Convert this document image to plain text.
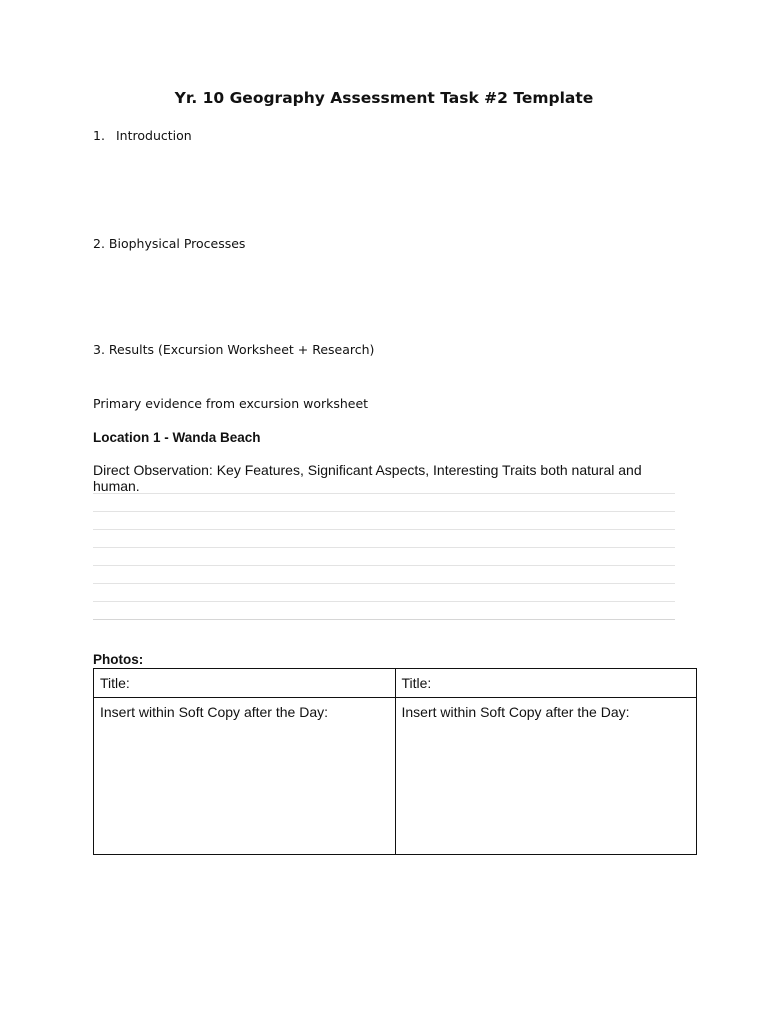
Yr. 10 Geography Assessment Task #2 Template
1. Introduction
2. Biophysical Processes
3. Results (Excursion Worksheet + Research)
Primary evidence from excursion worksheet
Location 1 - Wanda Beach
Direct Observation: Key Features, Significant Aspects, Interesting Traits both natural and human.
Photos:
Title:	Title:
Insert within Soft Copy after the Day:	Insert within Soft Copy after the Day:
